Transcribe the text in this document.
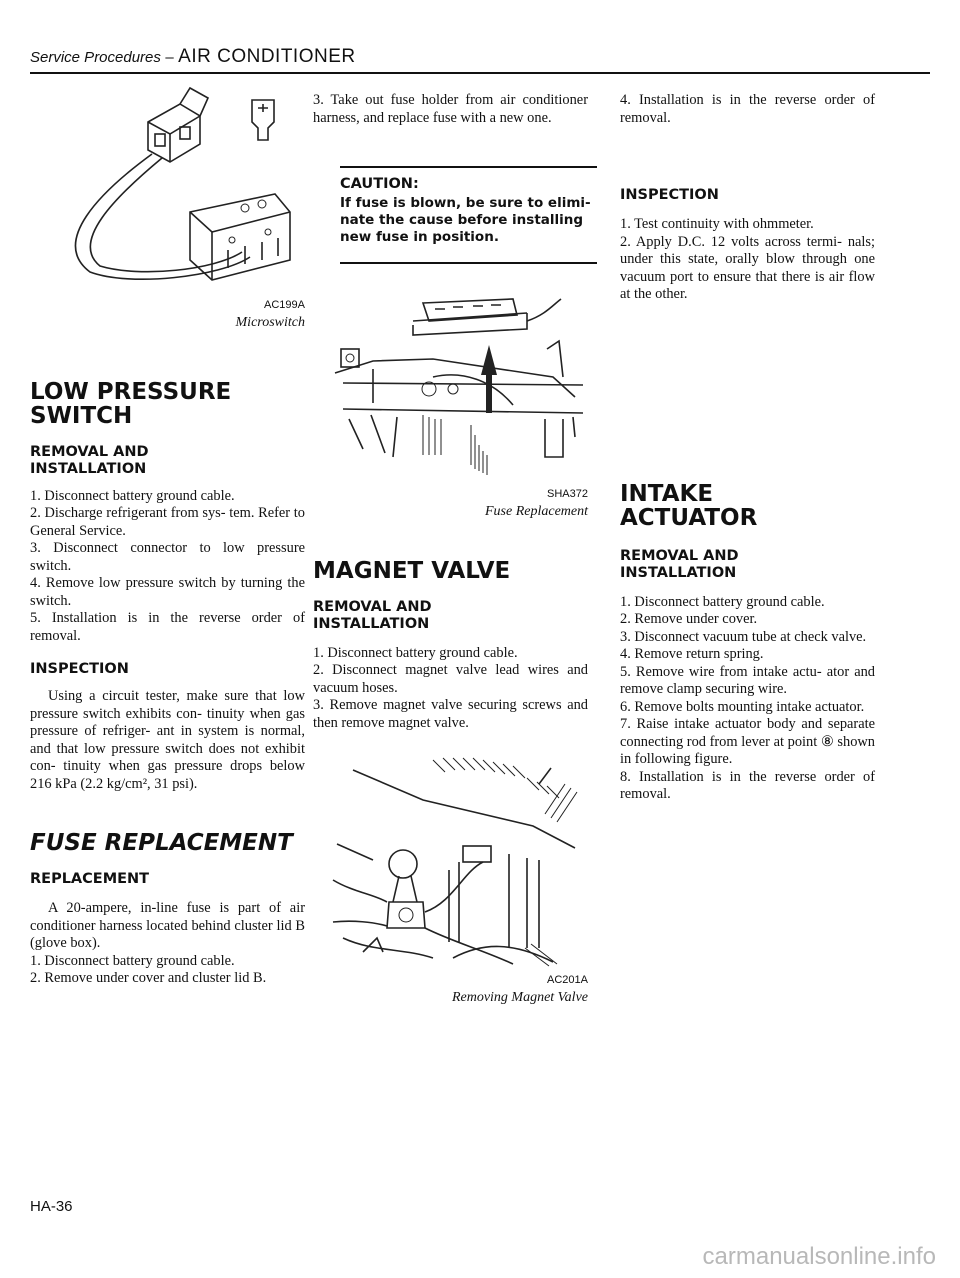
Service Procedures – AIR CONDITIONER
AC199A
Microswitch
LOW PRESSURE
SWITCH
REMOVAL AND
INSTALLATION

1. Disconnect battery ground cable.

2. Discharge refrigerant from sys- tem. Refer to General Service.

3. Disconnect connector to low pressure switch.

4. Remove low pressure switch by turning the switch.

5. Installation is in the reverse order of removal.

INSPECTION

Using a circuit tester, make sure that low pressure switch exhibits con- tinuity when gas pressure of refriger- ant in system is normal, and that low pressure switch does not exhibit con- tinuity when gas pressure drops below 216 kPa (2.2 kg/cm², 31 psi).

FUSE REPLACEMENT
REPLACEMENT

A 20-ampere, in-line fuse is part of air conditioner harness located behind cluster lid B (glove box).

1. Disconnect battery ground cable.

2. Remove under cover and cluster lid B.

3. Take out fuse holder from air conditioner harness, and replace fuse with a new one.

CAUTION:
If fuse is blown, be sure to elimi- nate the cause before installing new fuse in position.
SHA372
Fuse Replacement
MAGNET VALVE
REMOVAL AND
INSTALLATION

1. Disconnect battery ground cable.

2. Disconnect magnet valve lead wires and vacuum hoses.

3. Remove magnet valve securing screws and then remove magnet valve.

AC201A
Removing Magnet Valve

4. Installation is in the reverse order of removal.

INSPECTION

1. Test continuity with ohmmeter.

2. Apply D.C. 12 volts across termi- nals; under this state, orally blow through one vacuum port to ensure that there is air flow at the other.

INTAKE
ACTUATOR
REMOVAL AND
INSTALLATION

1. Disconnect battery ground cable.

2. Remove under cover.

3. Disconnect vacuum tube at check valve.

4. Remove return spring.

5. Remove wire from intake actu- ator and remove clamp securing wire.

6. Remove bolts mounting intake actuator.

7. Raise intake actuator body and separate connecting rod from lever at point ⑧ shown in following figure.

8. Installation is in the reverse order of removal.

HA-36
carmanualsonline.info
